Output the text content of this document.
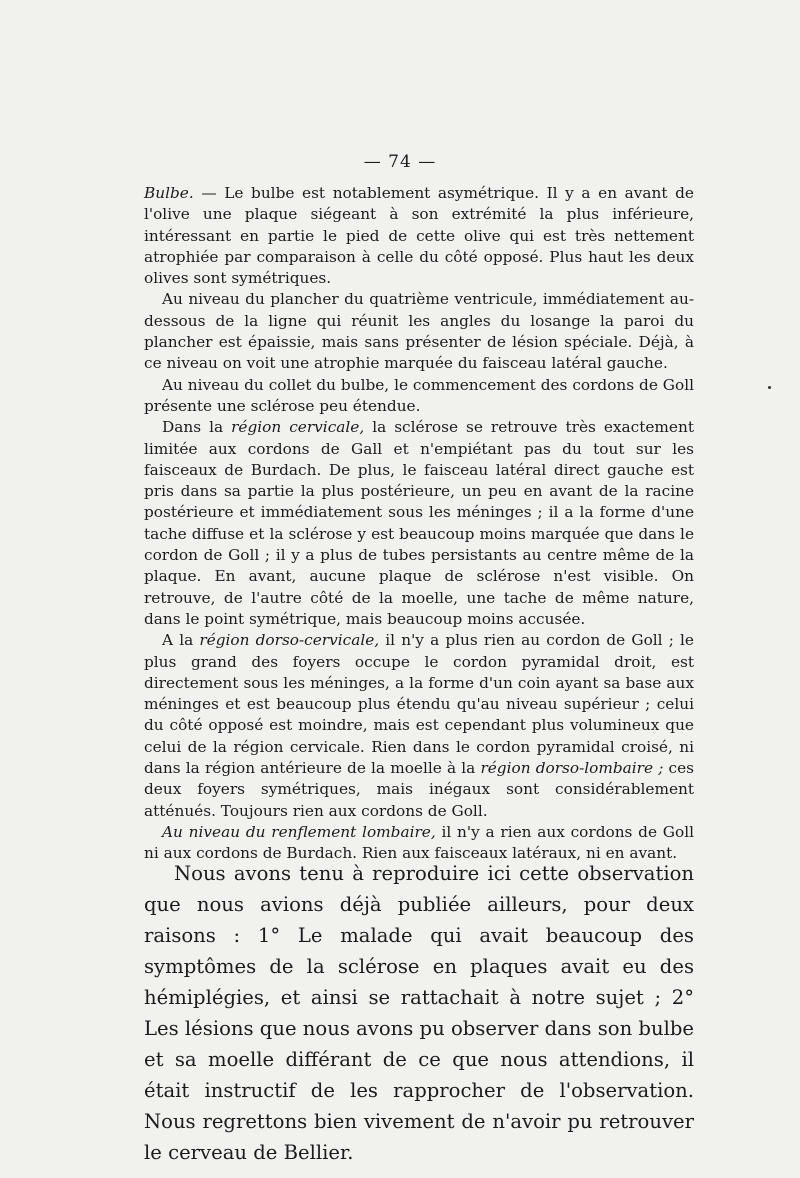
— 74 —

Bulbe. — Le bulbe est notablement asymétrique. Il y a en avant de l'olive une plaque siégeant à son extrémité la plus inférieure, intéressant en partie le pied de cette olive qui est très nettement atrophiée par comparaison à celle du côté opposé. Plus haut les deux olives sont symétriques.

Au niveau du plancher du quatrième ventricule, immédiatement au-dessous de la ligne qui réunit les angles du losange la paroi du plancher est épaissie, mais sans présenter de lésion spéciale. Déjà, à ce niveau on voit une atrophie marquée du faisceau latéral gauche.

Au niveau du collet du bulbe, le commencement des cordons de Goll présente une sclérose peu étendue.

Dans la région cervicale, la sclérose se retrouve très exactement limitée aux cordons de Gall et n'empiétant pas du tout sur les faisceaux de Burdach. De plus, le faisceau latéral direct gauche est pris dans sa partie la plus postérieure, un peu en avant de la racine postérieure et immédiatement sous les méninges ; il a la forme d'une tache diffuse et la sclérose y est beaucoup moins marquée que dans le cordon de Goll ; il y a plus de tubes persistants au centre même de la plaque. En avant, aucune plaque de sclérose n'est visible. On retrouve, de l'autre côté de la moelle, une tache de même nature, dans le point symétrique, mais beaucoup moins accusée.

A la région dorso-cervicale, il n'y a plus rien au cordon de Goll ; le plus grand des foyers occupe le cordon pyramidal droit, est directement sous les méninges, a la forme d'un coin ayant sa base aux méninges et est beaucoup plus étendu qu'au niveau supérieur ; celui du côté opposé est moindre, mais est cependant plus volumineux que celui de la région cervicale. Rien dans le cordon pyramidal croisé, ni dans la région antérieure de la moelle à la région dorso-lombaire ; ces deux foyers symétriques, mais inégaux sont considérablement atténués. Toujours rien aux cordons de Goll.

Au niveau du renflement lombaire, il n'y a rien aux cordons de Goll ni aux cordons de Burdach. Rien aux faisceaux latéraux, ni en avant.

Nous avons tenu à reproduire ici cette observation que nous avions déjà publiée ailleurs, pour deux raisons : 1° Le malade qui avait beaucoup des symptômes de la sclérose en plaques avait eu des hémiplégies, et ainsi se rattachait à notre sujet ; 2° Les lésions que nous avons pu observer dans son bulbe et sa moelle différant de ce que nous attendions, il était instructif de les rapprocher de l'observation. Nous regrettons bien vivement de n'avoir pu retrouver le cerveau de Bellier.
